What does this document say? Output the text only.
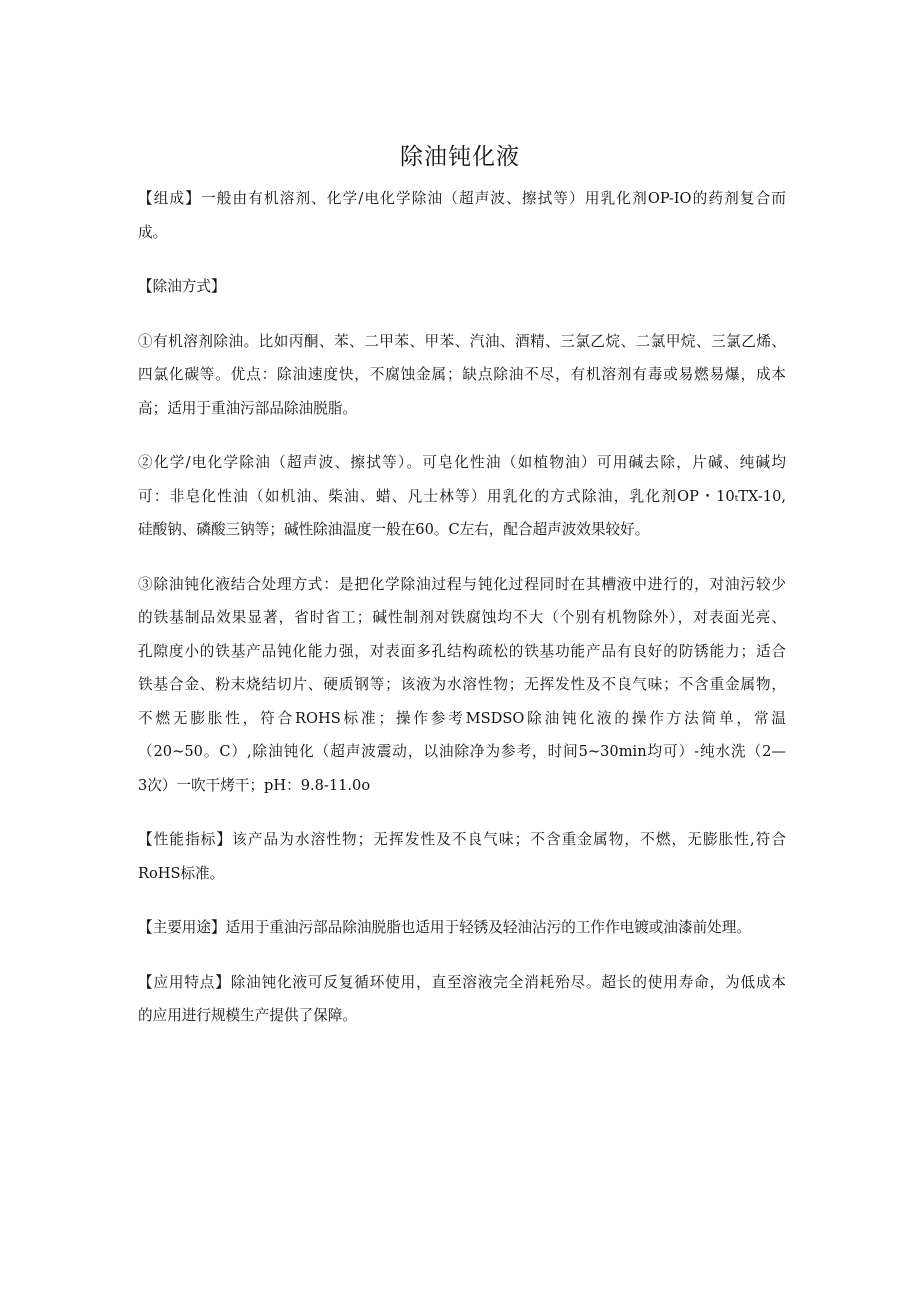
除油钝化液

【组成】一般由有机溶剂、化学/电化学除油（超声波、擦拭等）用乳化剂OP-IO的药剂复合而
成。

【除油方式】

①有机溶剂除油。比如丙酮、苯、二甲苯、甲苯、汽油、酒精、三氯乙烷、二氯甲烷、三氯乙烯、
四氯化碳等。优点：除油速度快，不腐蚀金属；缺点除油不尽，有机溶剂有毒或易燃易爆，成本
高；适用于重油污部品除油脱脂。

②化学/电化学除油（超声波、擦拭等）。可皂化性油（如植物油）可用碱去除，片碱、纯碱均
可：非皂化性油（如机油、柴油、蜡、凡士林等）用乳化的方式除油，乳化剂OP・10ₜTX-10,
硅酸钠、磷酸三钠等；碱性除油温度一般在60。C左右，配合超声波效果较好。

③除油钝化液结合处理方式：是把化学除油过程与钝化过程同时在其槽液中进行的，对油污较少
的铁基制品效果显著，省时省工；碱性制剂对铁腐蚀均不大（个别有机物除外），对表面光亮、
孔隙度小的铁基产品钝化能力强，对表面多孔结构疏松的铁基功能产品有良好的防锈能力；适合
铁基合金、粉末烧结切片、硬质钢等；该液为水溶性物；无挥发性及不良气味；不含重金属物，
不燃无膨胀性，符合ROHS标准；操作参考MSDSO除油钝化液的操作方法简单，常温
（20~50。C）,除油钝化（超声波震动，以油除净为参考，时间5~30min均可）-纯水洗（2—
3次）一吹干烤干；pH：9.8-11.0o

【性能指标】该产品为水溶性物；无挥发性及不良气味；不含重金属物，不燃，无膨胀性,符合
RoHS标准。

【主要用途】适用于重油污部品除油脱脂也适用于轻锈及轻油沾污的工作作电镀或油漆前处理。

【应用特点】除油钝化液可反复循环使用，直至溶液完全消耗殆尽。超长的使用寿命，为低成本
的应用进行规模生产提供了保障。
